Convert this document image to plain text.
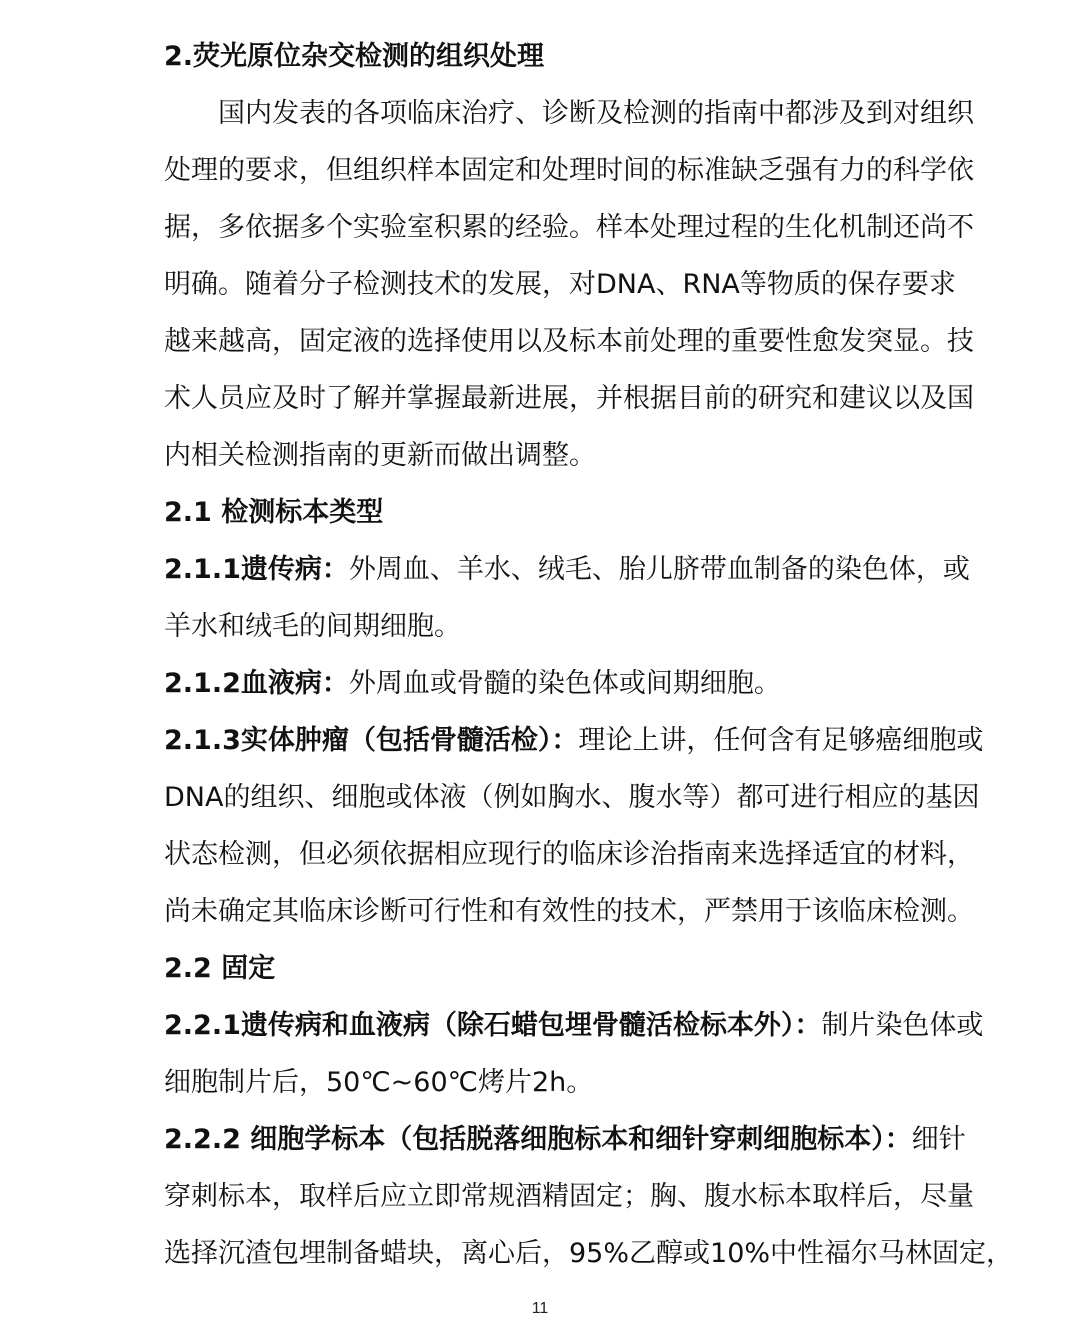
2.荧光原位杂交检测的组织处理
国内发表的各项临床治疗、诊断及检测的指南中都涉及到对组织
处理的要求，但组织样本固定和处理时间的标准缺乏强有力的科学依
据，多依据多个实验室积累的经验。样本处理过程的生化机制还尚不
明确。随着分子检测技术的发展，对DNA、RNA等物质的保存要求
越来越高，固定液的选择使用以及标本前处理的重要性愈发突显。技
术人员应及时了解并掌握最新进展，并根据目前的研究和建议以及国
内相关检测指南的更新而做出调整。
2.1 检测标本类型
2.1.1遗传病：外周血、羊水、绒毛、胎儿脐带血制备的染色体，或
羊水和绒毛的间期细胞。
2.1.2血液病：外周血或骨髓的染色体或间期细胞。
2.1.3实体肿瘤（包括骨髓活检）：理论上讲，任何含有足够癌细胞或
DNA的组织、细胞或体液（例如胸水、腹水等）都可进行相应的基因
状态检测，但必须依据相应现行的临床诊治指南来选择适宜的材料，
尚未确定其临床诊断可行性和有效性的技术，严禁用于该临床检测。
2.2 固定
2.2.1遗传病和血液病（除石蜡包埋骨髓活检标本外）：制片染色体或
细胞制片后，50℃~60℃烤片2h。
2.2.2 细胞学标本（包括脱落细胞标本和细针穿刺细胞标本）：细针
穿刺标本，取样后应立即常规酒精固定；胸、腹水标本取样后，尽量
选择沉渣包埋制备蜡块，离心后，95%乙醇或10%中性福尔马林固定，
11
